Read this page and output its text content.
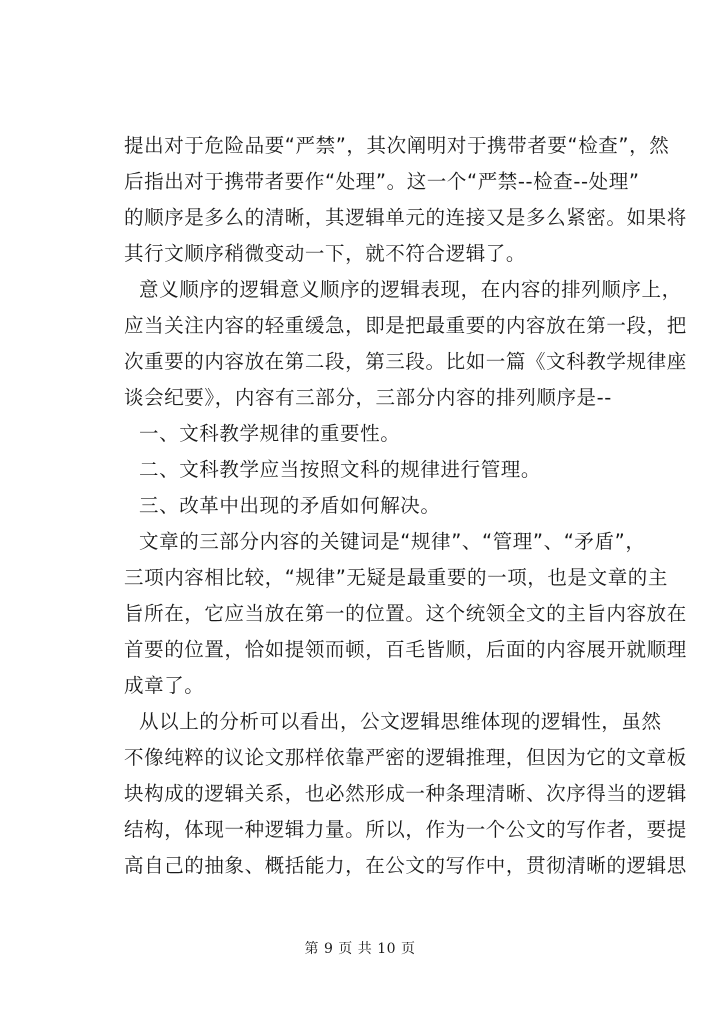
提出对于危险品要“严禁”，其次阐明对于携带者要“检查”，然
后指出对于携带者要作“处理”。这一个“严禁--检查--处理”
的顺序是多么的清晰，其逻辑单元的连接又是多么紧密。如果将
其行文顺序稍微变动一下，就不符合逻辑了。
意义顺序的逻辑意义顺序的逻辑表现，在内容的排列顺序上，
应当关注内容的轻重缓急，即是把最重要的内容放在第一段，把
次重要的内容放在第二段，第三段。比如一篇《文科教学规律座
谈会纪要》，内容有三部分，三部分内容的排列顺序是--
一、文科教学规律的重要性。
二、文科教学应当按照文科的规律进行管理。
三、改革中出现的矛盾如何解决。
文章的三部分内容的关键词是“规律”、“管理”、“矛盾”，
三项内容相比较，“规律”无疑是最重要的一项，也是文章的主
旨所在，它应当放在第一的位置。这个统领全文的主旨内容放在
首要的位置，恰如提领而顿，百毛皆顺，后面的内容展开就顺理
成章了。
从以上的分析可以看出，公文逻辑思维体现的逻辑性，虽然
不像纯粹的议论文那样依靠严密的逻辑推理，但因为它的文章板
块构成的逻辑关系，也必然形成一种条理清晰、次序得当的逻辑
结构，体现一种逻辑力量。所以，作为一个公文的写作者，要提
高自己的抽象、概括能力，在公文的写作中，贯彻清晰的逻辑思
第 9 页 共 10 页
